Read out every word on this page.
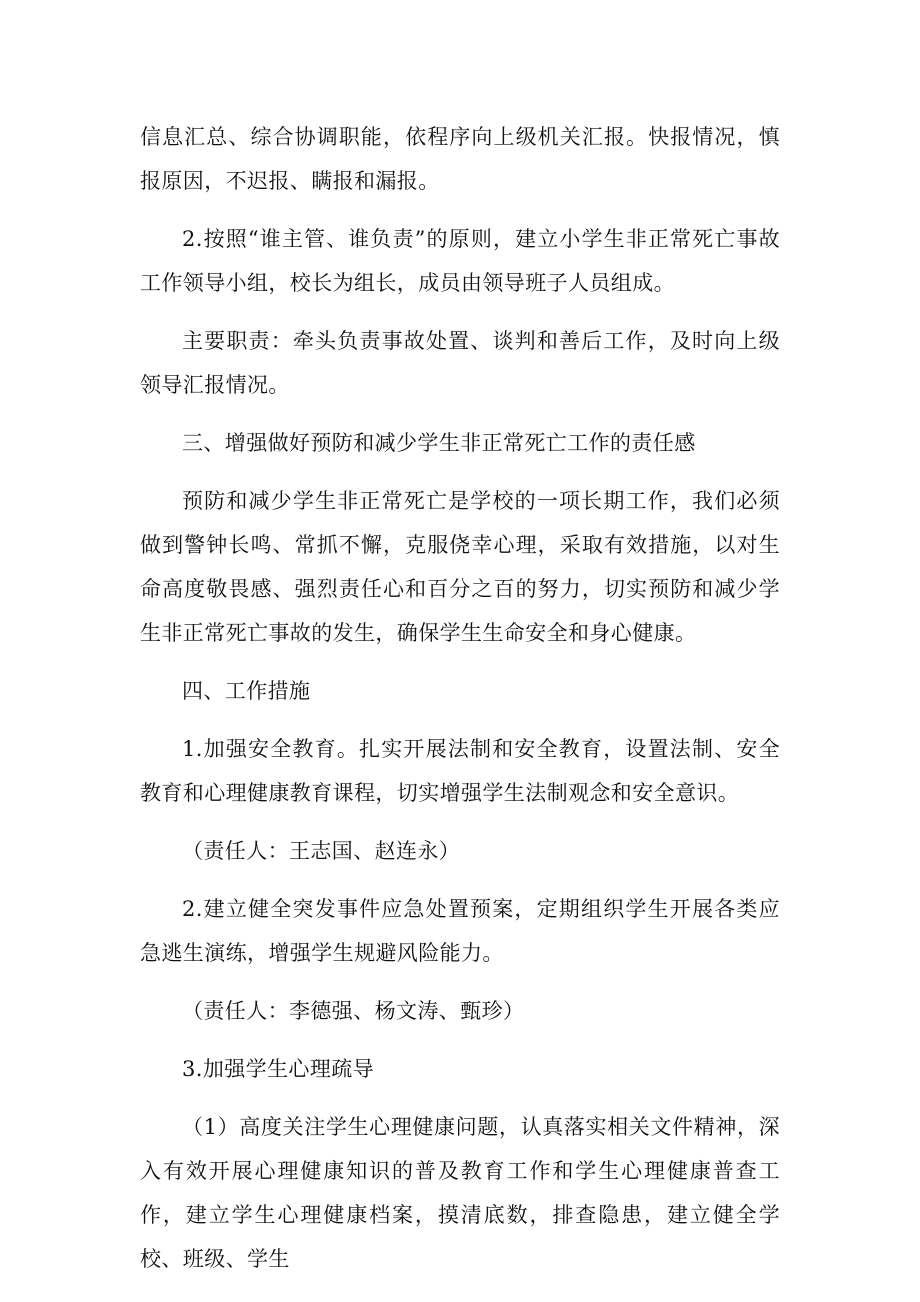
信息汇总、综合协调职能，依程序向上级机关汇报。快报情况，慎报原因，不迟报、瞒报和漏报。

2.按照“谁主管、谁负责”的原则，建立小学生非正常死亡事故工作领导小组，校长为组长，成员由领导班子人员组成。

主要职责：牵头负责事故处置、谈判和善后工作，及时向上级领导汇报情况。

三、增强做好预防和减少学生非正常死亡工作的责任感

预防和减少学生非正常死亡是学校的一项长期工作，我们必须做到警钟长鸣、常抓不懈，克服侥幸心理，采取有效措施，以对生命高度敬畏感、强烈责任心和百分之百的努力，切实预防和减少学生非正常死亡事故的发生，确保学生生命安全和身心健康。

四、工作措施

1.加强安全教育。扎实开展法制和安全教育，设置法制、安全教育和心理健康教育课程，切实增强学生法制观念和安全意识。

（责任人：王志国、赵连永）

2.建立健全突发事件应急处置预案，定期组织学生开展各类应急逃生演练，增强学生规避风险能力。

（责任人：李德强、杨文涛、甄珍）

3.加强学生心理疏导

（1）高度关注学生心理健康问题，认真落实相关文件精神，深入有效开展心理健康知识的普及教育工作和学生心理健康普查工作，建立学生心理健康档案，摸清底数，排查隐患，建立健全学校、班级、学生
